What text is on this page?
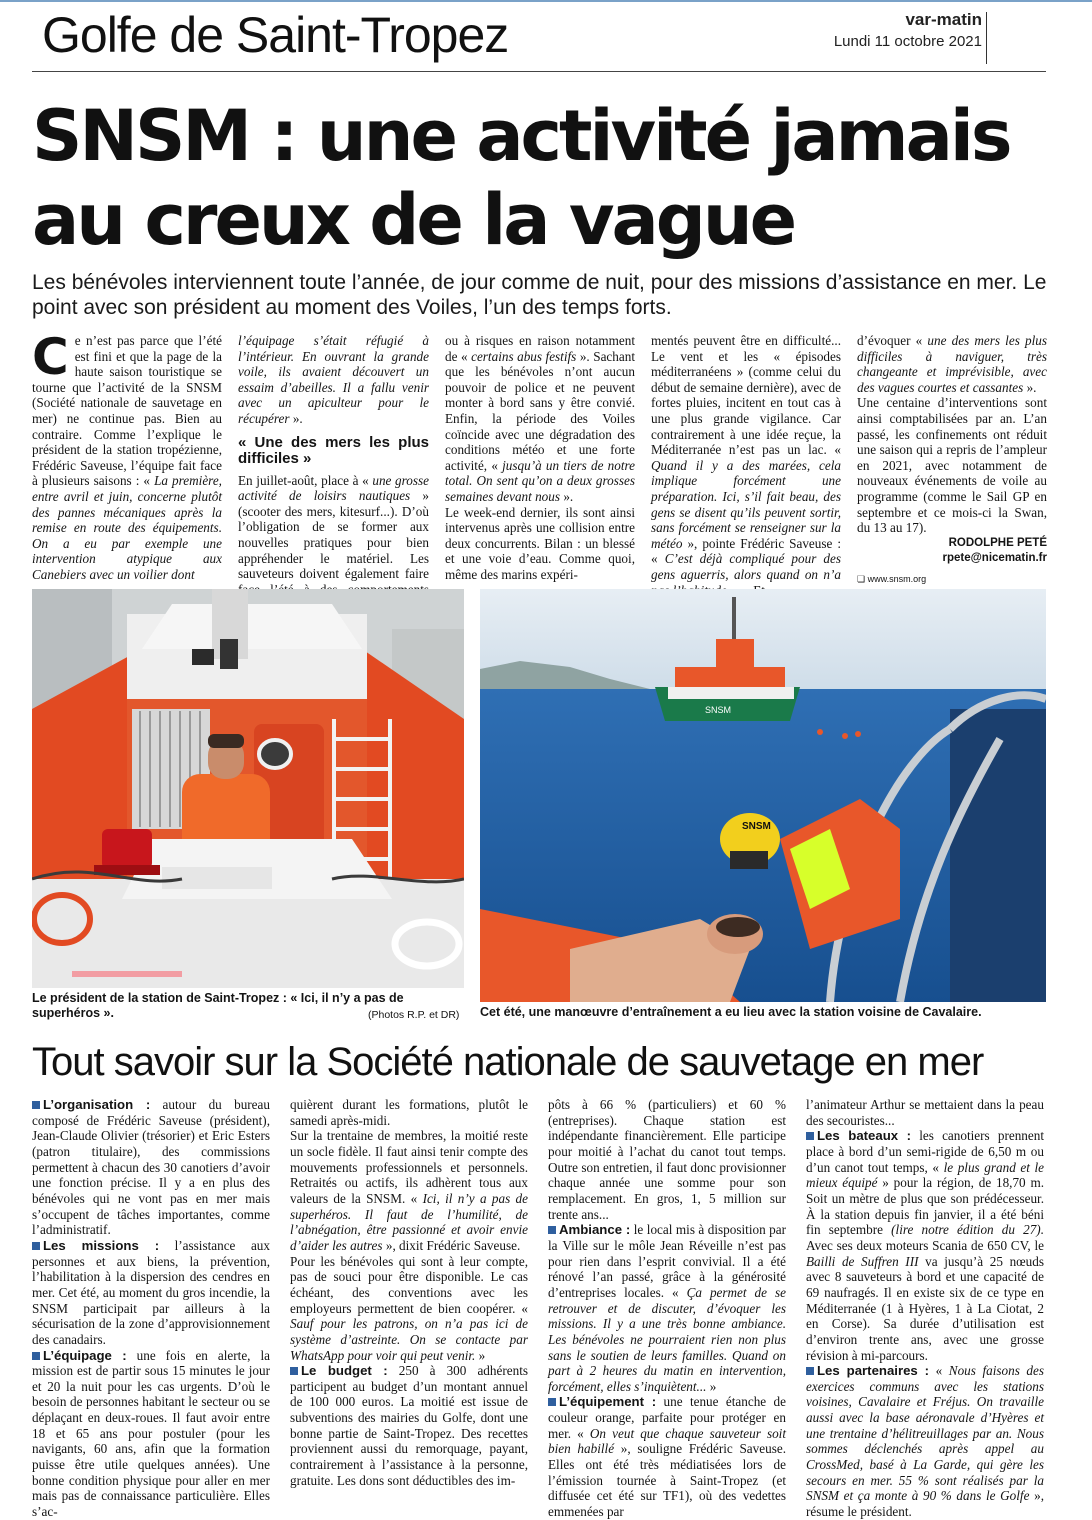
Golfe de Saint-Tropez	var-matin
Lundi 11 octobre 2021
SNSM : une activité jamais au creux de la vague
Les bénévoles interviennent toute l’année, de jour comme de nuit, pour des missions d’assistance en mer. Le point avec son président au moment des Voiles, l’un des temps forts.

Ce n’est pas parce que l’été est fini et que la page de la haute saison touristique se tourne que l’activité de la SNSM (Société nationale de sauvetage en mer) ne continue pas. Bien au contraire. Comme l’explique le président de la station tropézienne, Frédéric Saveuse, l’équipe fait face à plusieurs saisons : « La première, entre avril et juin, concerne plutôt des pannes mécaniques après la remise en route des équipements. On a eu par exemple une intervention atypique aux Canebiers avec un voilier dont

l’équipage s’était réfugié à l’intérieur. En ouvrant la grande voile, ils avaient découvert un essaim d’abeilles. Il a fallu venir avec un apiculteur pour le récupérer ».

« Une des mers les plus difficiles »

En juillet-août, place à « une grosse activité de loisirs nautiques » (scooter des mers, kitesurf...). D’où l’obligation de se former aux nouvelles pratiques pour bien appréhender le matériel. Les sauveteurs doivent également faire

ou à risques en raison notamment de « certains abus festifs ». Sachant que les bénévoles n’ont aucun pouvoir de police et ne peuvent monter à bord sans y être convié. Enfin, la période des Voiles coïncide avec une dégradation des conditions météo et une forte activité, « jusqu’à un tiers de notre total. On sent qu’on a deux grosses semaines devant nous ».

Le week-end dernier, ils sont ainsi intervenus après une collision entre deux concurrents. Bilan : un blessé et une voie d’eau. Comme quoi, même des marins expéri-

mentés peuvent être en difficulté... Le vent et les « épisodes méditerranéens » (comme celui du début de semaine dernière), avec de fortes pluies, incitent en tout cas à une plus grande vigilance. Car contrairement à une idée reçue, la Méditerranée n’est pas un lac. « Quand il y a des marées, cela implique forcément une préparation. Ici, s’il fait beau, des gens se disent qu’ils peuvent sortir, sans forcément se renseigner sur la météo », pointe Frédéric Saveuse : « C’est déjà compliqué pour des gens aguerris, alors quand on n’a

d’évoquer « une des mers les plus difficiles à naviguer, très changeante et imprévisible, avec des vagues courtes et cassantes ».

Une centaine d’interventions sont ainsi comptabilisées par an. L’an passé, les confinements ont réduit une saison qui a repris de l’ampleur en 2021, avec notamment de nouveaux événements de voile au programme (comme le Sail GP en septembre et ce mois-ci la Swan, du 13 au 17).

RODOLPHE PETÉ
rpete@nicematin.fr
❏ www.snsm.org
Le président de la station de Saint-Tropez : « Ici, il n’y a pas de superhéros ».	(Photos R.P. et DR)
SNSM
SNSM
Cet été, une manœuvre d’entraînement a eu lieu avec la station voisine de Cavalaire.
Tout savoir sur la Société nationale de sauvetage en mer

L’organisation : autour du bureau composé de Frédéric Saveuse (président), Jean-Claude Olivier (trésorier) et Eric Esters (patron titulaire), des commissions permettent à chacun des 30 canotiers d’avoir une fonction précise. Il y a en plus des bénévoles qui ne vont pas en mer mais s’occupent de tâches importantes, comme l’administratif.

Les missions : l’assistance aux personnes et aux biens, la prévention, l’habilitation à la dispersion des cendres en mer. Cet été, au moment du gros incendie, la SNSM participait par ailleurs à la sécurisation de la zone d’approvisionnement des canadairs.

L’équipage : une fois en alerte, la mission est de partir sous 15 minutes le jour et 20 la nuit pour les cas urgents. D’où le besoin de personnes habitant le secteur ou se déplaçant en deux-roues. Il faut avoir entre 18 et 65 ans pour postuler (pour les navigants, 60 ans, afin que la formation puisse être utile quelques années). Une bonne condition physique pour aller en mer mais pas de connaissance particulière. Elles s’ac-

quièrent durant les formations, plutôt le samedi après-midi.

Sur la trentaine de membres, la moitié reste un socle fidèle. Il faut ainsi tenir compte des mouvements professionnels et personnels. Retraités ou actifs, ils adhèrent tous aux valeurs de la SNSM. « Ici, il n’y a pas de superhéros. Il faut de l’humilité, de l’abnégation, être passionné et avoir envie d’aider les autres », dixit Frédéric Saveuse.

Pour les bénévoles qui sont à leur compte, pas de souci pour être disponible. Le cas échéant, des conventions avec les employeurs permettent de bien coopérer. « Sauf pour les patrons, on n’a pas ici de système d’astreinte. On se contacte par WhatsApp pour voir qui peut venir. »

Le budget : 250 à 300 adhérents participent au budget d’un montant annuel de 100 000 euros. La moitié est issue de subventions des mairies du Golfe, dont une bonne partie de Saint-Tropez. Des recettes proviennent aussi du remorquage, payant, contrairement à l’assistance à la personne, gratuite. Les dons sont déductibles des im-

pôts à 66 % (particuliers) et 60 % (entreprises). Chaque station est indépendante financièrement. Elle participe pour moitié à l’achat du canot tout temps. Outre son entretien, il faut donc provisionner chaque année une somme pour son remplacement. En gros, 1, 5 million sur trente ans...

Ambiance : le local mis à disposition par la Ville sur le môle Jean Réveille n’est pas pour rien dans l’esprit convivial. Il a été rénové l’an passé, grâce à la générosité d’entreprises locales. « Ça permet de se retrouver et de discuter, d’évoquer les missions. Il y a une très bonne ambiance. Les bénévoles ne pourraient rien non plus sans le soutien de leurs familles. Quand on part à 2 heures du matin en intervention, forcément, elles s’inquiètent... »

L’équipement : une tenue étanche de couleur orange, parfaite pour protéger en mer. « On veut que chaque sauveteur soit bien habillé », souligne Frédéric Saveuse. Elles ont été très médiatisées lors de l’émission tournée à Saint-Tropez (et diffusée cet été sur TF1), où des vedettes emmenées par

l’animateur Arthur se mettaient dans la peau des secouristes...

Les bateaux : les canotiers prennent place à bord d’un semi-rigide de 6,50 m ou d’un canot tout temps, « le plus grand et le mieux équipé » pour la région, de 18,70 m. Soit un mètre de plus que son prédécesseur. À la station depuis fin janvier, il a été béni fin septembre (lire notre édition du 27). Avec ses deux moteurs Scania de 650 CV, le Bailli de Suffren III va jusqu’à 25 nœuds avec 8 sauveteurs à bord et une capacité de 69 naufragés. Il en existe six de ce type en Méditerranée (1 à Hyères, 1 à La Ciotat, 2 en Corse). Sa durée d’utilisation est d’environ trente ans, avec une grosse révision à mi-parcours.

Les partenaires : « Nous faisons des exercices communs avec les stations voisines, Cavalaire et Fréjus. On travaille aussi avec la base aéronavale d’Hyères et une trentaine d’hélitreuillages par an. Nous sommes déclenchés après appel au CrossMed, basé à La Garde, qui gère les secours en mer. 55 % sont réalisés par la SNSM et ça monte à 90 % dans le Golfe », résume le président.
